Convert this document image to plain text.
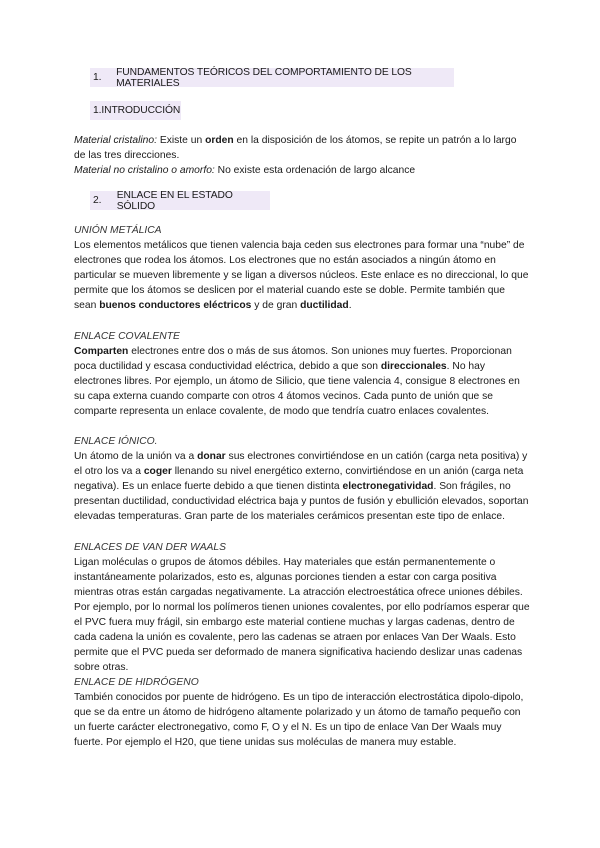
1.	FUNDAMENTOS TEÓRICOS DEL COMPORTAMIENTO DE LOS MATERIALES
1. INTRODUCCIÓN

Material cristalino: Existe un orden en la disposición de los átomos, se repite un patrón a lo largo de las tres direcciones.

Material no cristalino o amorfo: No existe esta ordenación de largo alcance

2.	ENLACE EN EL ESTADO SÓLIDO
UNIÓN METÁLICA

Los elementos metálicos que tienen valencia baja ceden sus electrones para formar una “nube” de electrones que rodea los átomos. Los electrones que no están asociados a ningún átomo en particular se mueven libremente y se ligan a diversos núcleos. Este enlace es no direccional, lo que permite que los átomos se deslicen por el material cuando este se doble. Permite también que sean buenos conductores eléctricos y de gran ductilidad.

ENLACE COVALENTE

Comparten electrones entre dos o más de sus átomos. Son uniones muy fuertes. Proporcionan poca ductilidad y escasa conductividad eléctrica, debido a que son direccionales. No hay electrones libres. Por ejemplo, un átomo de Silicio, que tiene valencia 4, consigue 8 electrones en su capa externa cuando comparte con otros 4 átomos vecinos. Cada punto de unión que se comparte representa un enlace covalente, de modo que tendría cuatro enlaces covalentes.

ENLACE IÓNICO.

Un átomo de la unión va a donar sus electrones convirtiéndose en un catión (carga neta positiva) y el otro los va a coger llenando su nivel energético externo, convirtiéndose en un anión (carga neta negativa). Es un enlace fuerte debido a que tienen distinta electronegatividad. Son frágiles, no presentan ductilidad, conductividad eléctrica baja y puntos de fusión y ebullición elevados, soportan elevadas temperaturas. Gran parte de los materiales cerámicos presentan este tipo de enlace.

ENLACES DE VAN DER WAALS

Ligan moléculas o grupos de átomos débiles. Hay materiales que están permanentemente o instantáneamente polarizados, esto es, algunas porciones tienden a estar con carga positiva mientras otras están cargadas negativamente. La atracción electroestática ofrece uniones débiles. Por ejemplo, por lo normal los polímeros tienen uniones covalentes, por ello podríamos esperar que el PVC fuera muy frágil, sin embargo este material contiene muchas y largas cadenas, dentro de cada cadena la unión es covalente, pero las cadenas se atraen por enlaces Van Der Waals. Esto permite que el PVC pueda ser deformado de manera significativa haciendo deslizar unas cadenas sobre otras.

ENLACE DE HIDRÓGENO

También conocidos por puente de hidrógeno. Es un tipo de interacción electrostática dipolo-dipolo, que se da entre un átomo de hidrógeno altamente polarizado y un átomo de tamaño pequeño con un fuerte carácter electronegativo, como F, O y el N. Es un tipo de enlace Van Der Waals muy fuerte. Por ejemplo el H20, que tiene unidas sus moléculas de manera muy estable.
